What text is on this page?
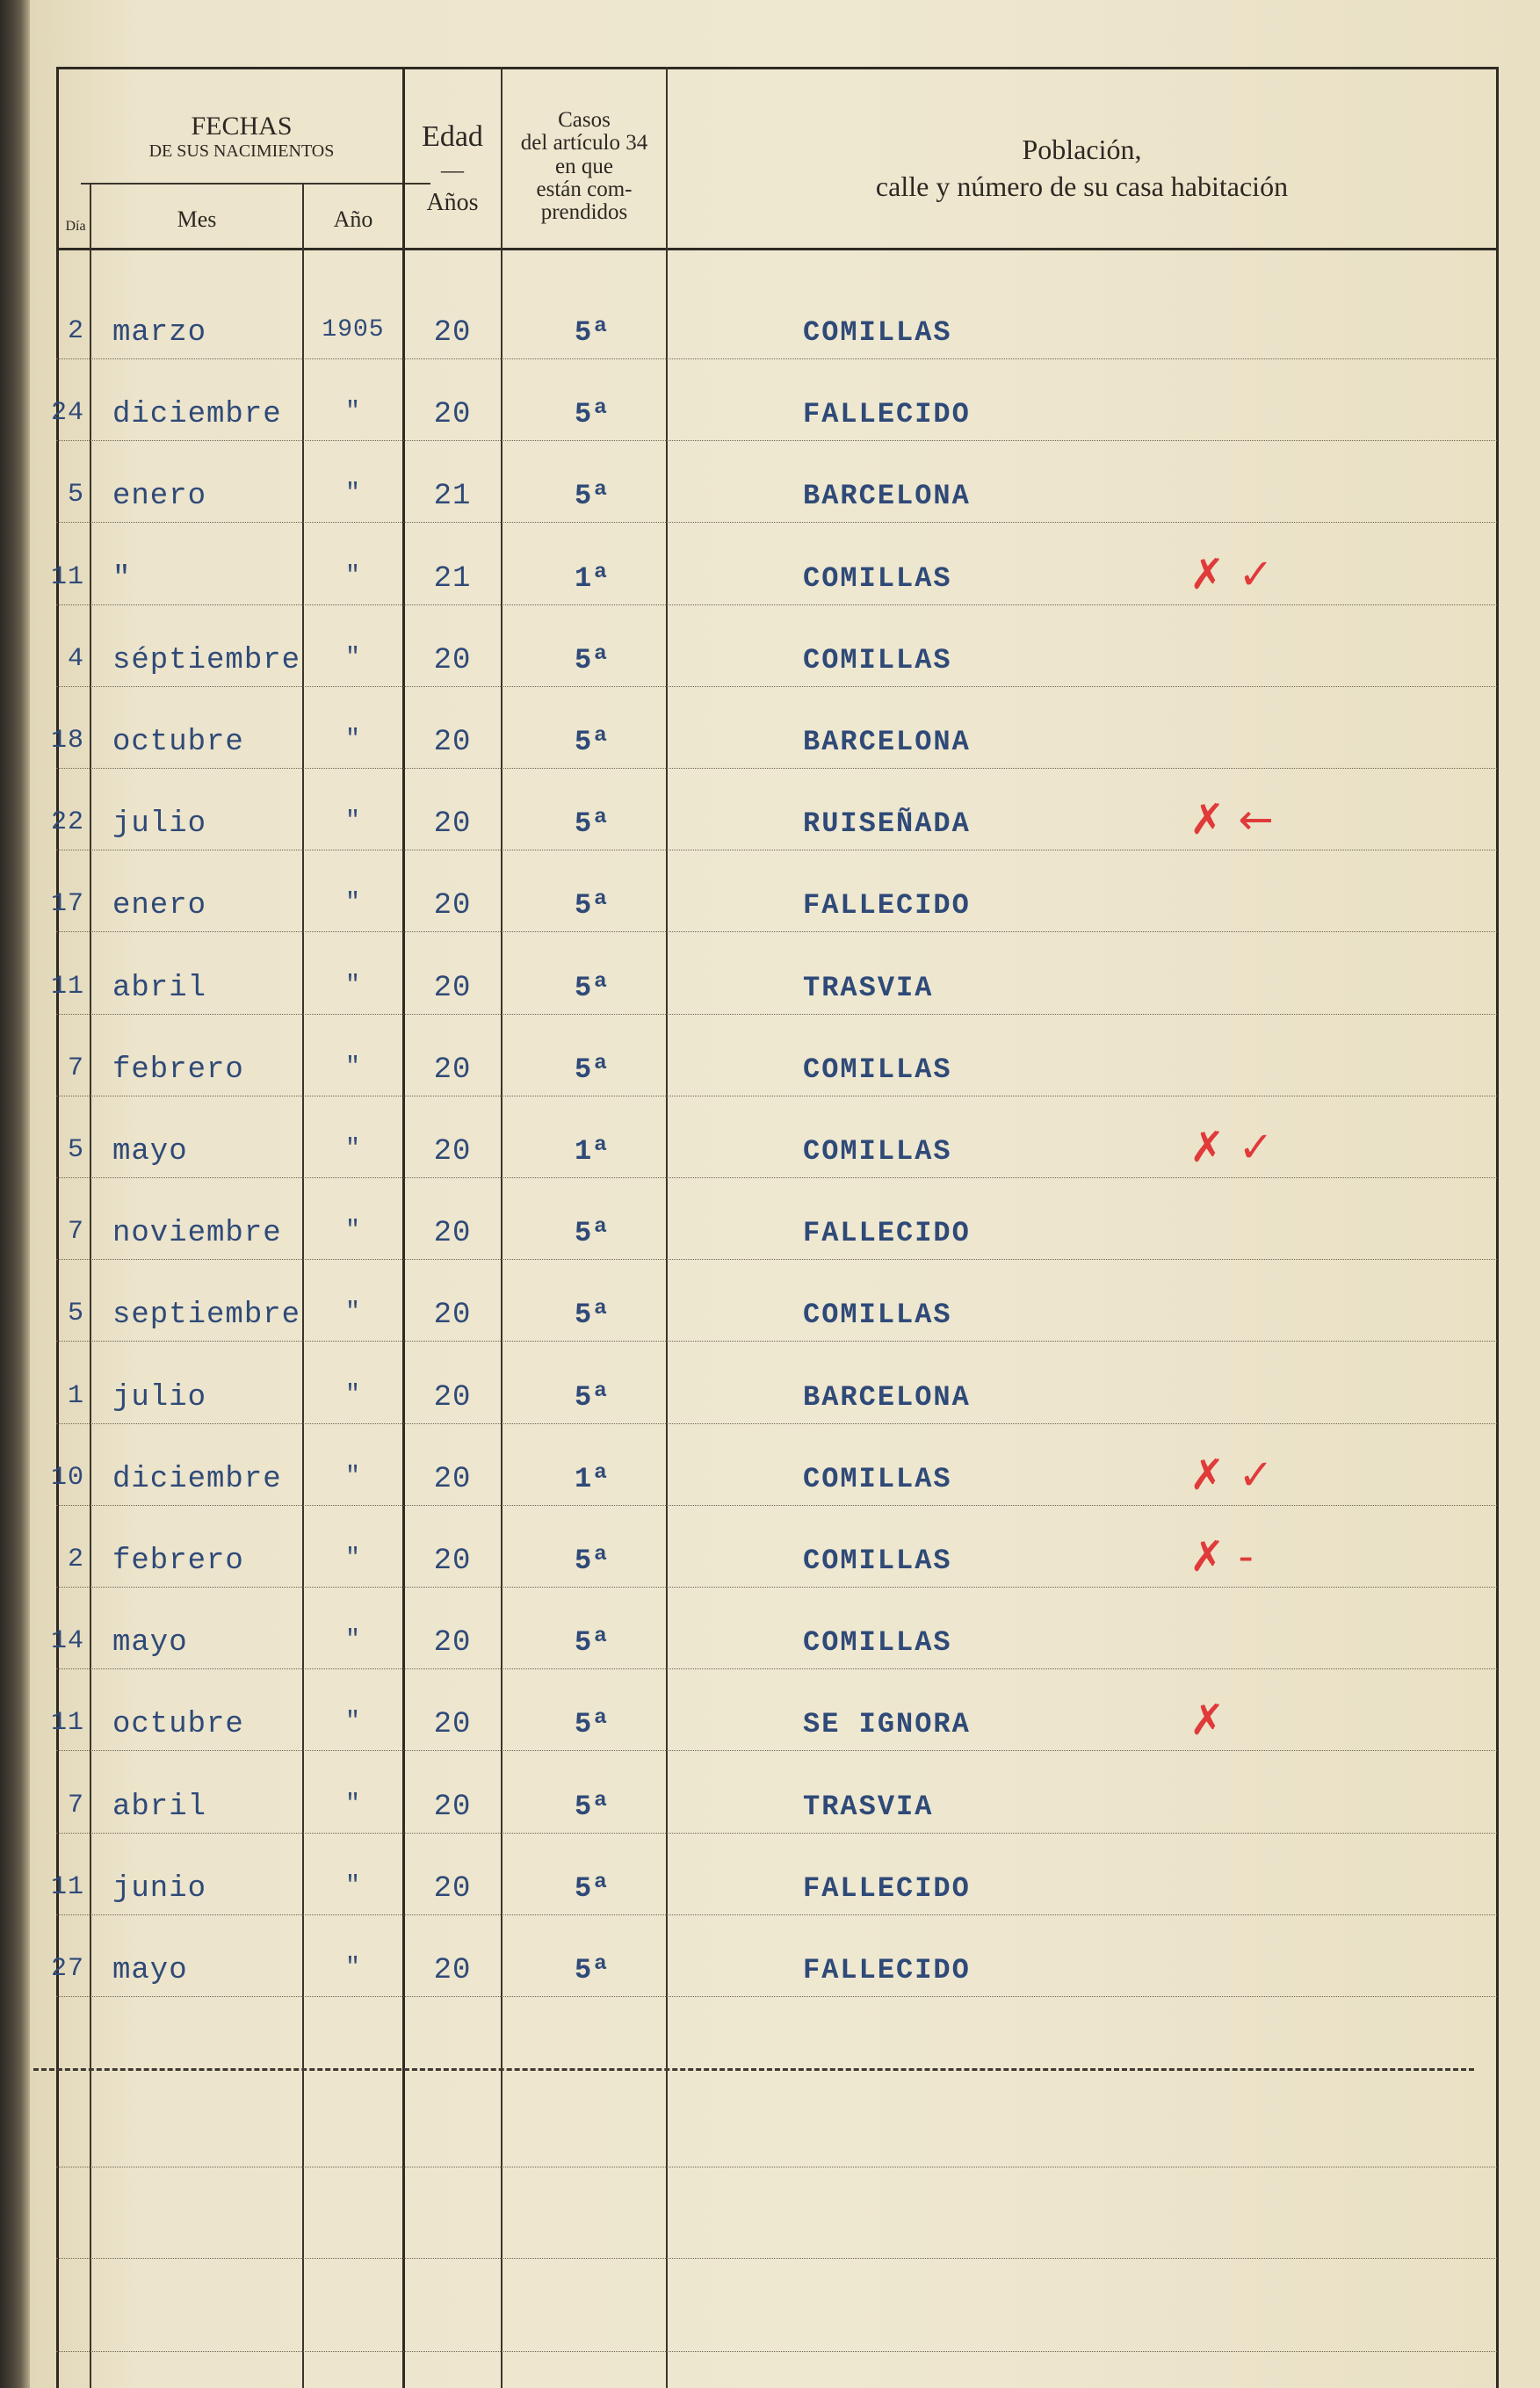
FECHAS
DE SUS NACIMIENTOS
Día	Mes	Año
Edad
—
Años
Casos
del artículo 34
en que
están com-
prendidos
Población,
calle y número de su casa habitación
2 marzo	1905	20	5ª	COMILLAS
24 diciembre	"	20	5ª	FALLECIDO
5 enero	"	21	5ª	BARCELONA
11 "	"	21	1ª	COMILLAS	✗ ✓
4 séptiembre	"	20	5ª	COMILLAS
18 octubre	"	20	5ª	BARCELONA
22 julio	"	20	5ª	RUISEÑADA	✗ ←
17 enero	"	20	5ª	FALLECIDO
11 abril	"	20	5ª	TRASVIA
7 febrero	"	20	5ª	COMILLAS
5 mayo	"	20	1ª	COMILLAS	✗ ✓
7 noviembre	"	20	5ª	FALLECIDO
5 septiembre	"	20	5ª	COMILLAS
1 julio	"	20	5ª	BARCELONA
10 diciembre	"	20	1ª	COMILLAS	✗ ✓
2 febrero	"	20	5ª	COMILLAS	✗ -
14 mayo	"	20	5ª	COMILLAS
11 octubre	"	20	5ª	SE IGNORA	✗
7 abril	"	20	5ª	TRASVIA
11 junio	"	20	5ª	FALLECIDO
27 mayo	"	20	5ª	FALLECIDO
